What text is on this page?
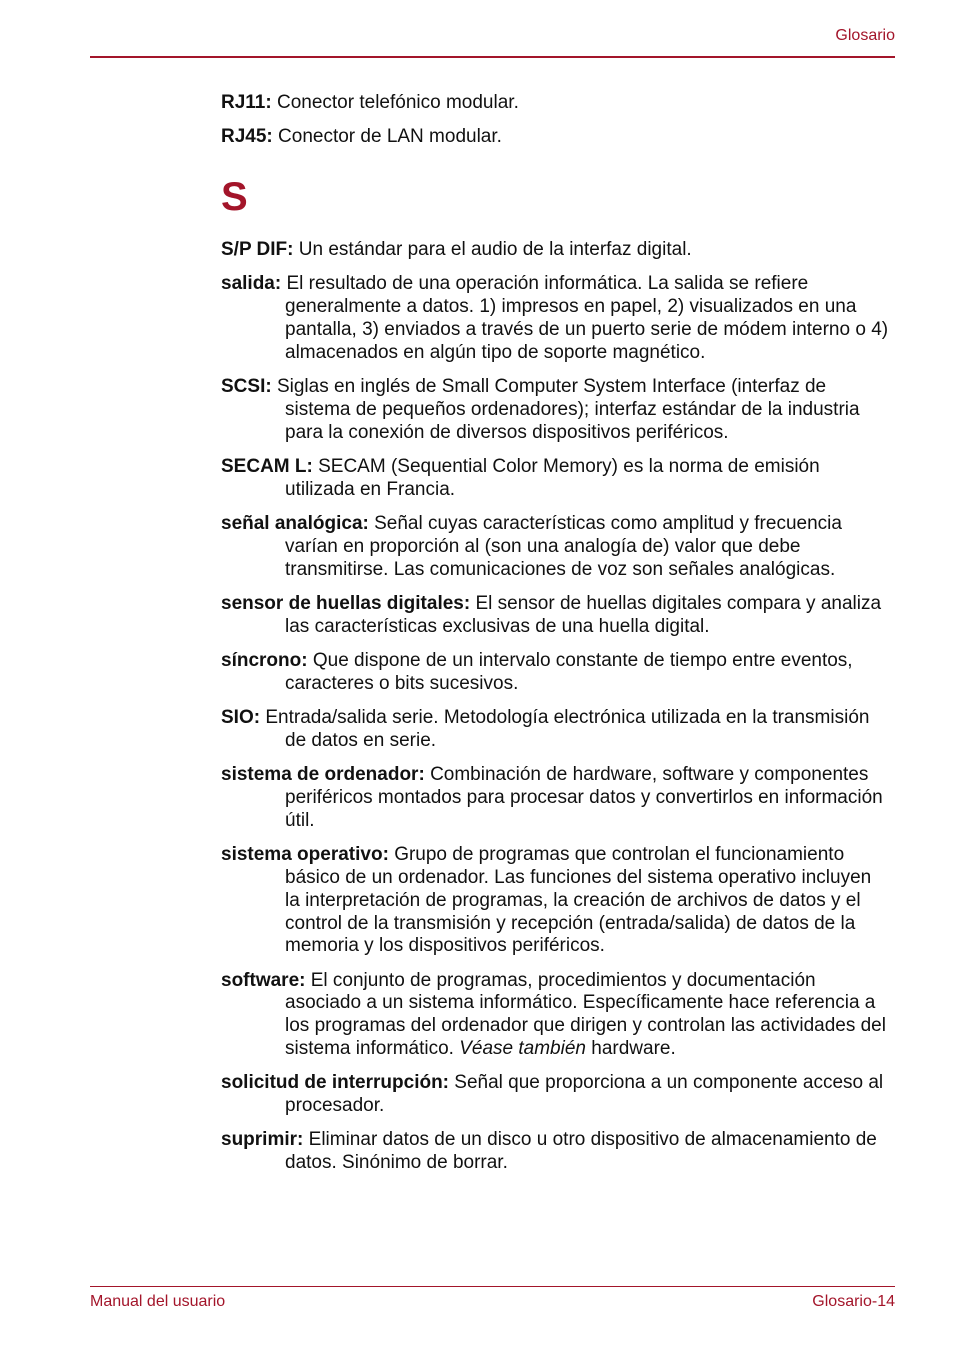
Glosario

RJ11: Conector telefónico modular.

RJ45: Conector de LAN modular.

S

S/P DIF: Un estándar para el audio de la interfaz digital.

salida: El resultado de una operación informática. La salida se refiere generalmente a datos. 1) impresos en papel, 2) visualizados en una pantalla, 3) enviados a través de un puerto serie de módem interno o 4) almacenados en algún tipo de soporte magnético.

SCSI: Siglas en inglés de Small Computer System Interface (interfaz de sistema de pequeños ordenadores); interfaz estándar de la industria para la conexión de diversos dispositivos periféricos.

SECAM L: SECAM (Sequential Color Memory) es la norma de emisión utilizada en Francia.

señal analógica: Señal cuyas características como amplitud y frecuencia varían en proporción al (son una analogía de) valor que debe transmitirse. Las comunicaciones de voz son señales analógicas.

sensor de huellas digitales: El sensor de huellas digitales compara y analiza las características exclusivas de una huella digital.

síncrono: Que dispone de un intervalo constante de tiempo entre eventos, caracteres o bits sucesivos.

SIO: Entrada/salida serie. Metodología electrónica utilizada en la transmisión de datos en serie.

sistema de ordenador: Combinación de hardware, software y componentes periféricos montados para procesar datos y convertirlos en información útil.

sistema operativo: Grupo de programas que controlan el funcionamiento básico de un ordenador. Las funciones del sistema operativo incluyen la interpretación de programas, la creación de archivos de datos y el control de la transmisión y recepción (entrada/salida) de datos de la memoria y los dispositivos periféricos.

software: El conjunto de programas, procedimientos y documentación asociado a un sistema informático. Específicamente hace referencia a los programas del ordenador que dirigen y controlan las actividades del sistema informático. Véase también hardware.

solicitud de interrupción: Señal que proporciona a un componente acceso al procesador.

suprimir: Eliminar datos de un disco u otro dispositivo de almacenamiento de datos. Sinónimo de borrar.

Manual del usuario	Glosario-14
